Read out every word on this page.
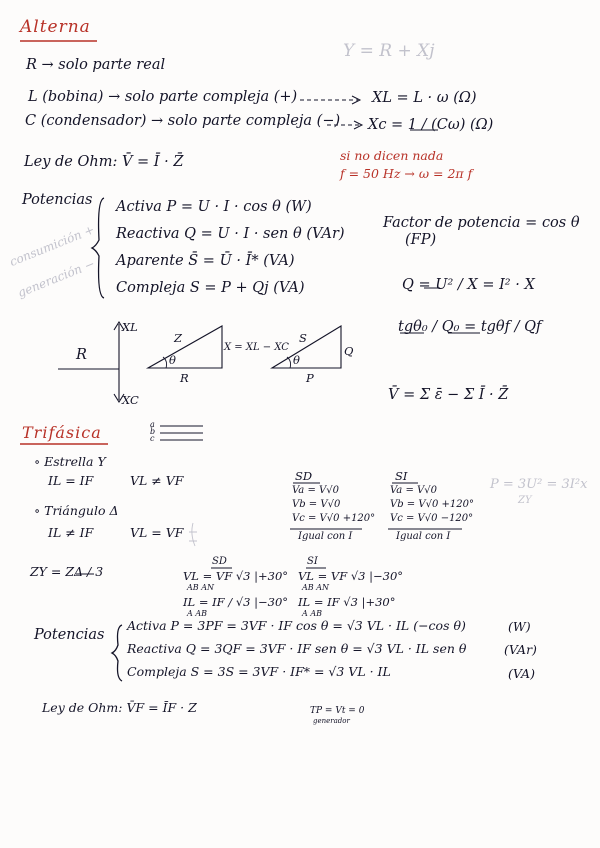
Alterna
Y = R + Xj
R → solo parte real
L (bobina) → solo parte compleja (+)
C (condensador) → solo parte compleja (−)
XL = L · ω (Ω)
Xc = 1 / (Cω) (Ω)
Ley de Ohm: V̄ = Ī · Z̄	si no dicen nada
f = 50 Hz → ω = 2π f
Potencias
consumición +
generación −
Activa P = U · I · cos θ (W)
Reactiva Q = U · I · sen θ (VAr)
Aparente S̄ = Ū · Ī* (VA)
Compleja S = P + Qj (VA)
Factor de potencia = cos θ
(FP)
Q = U² / X = I² · X
tgθ₀ / Q₀ = tgθf / Qf
V̄ = Σ ε̄ − Σ Ī · Z̄
XL
R
XC
Z
θ
R
X = XL − XC
S
θ
P
Q
Trifásica	a
b
c
∘ Estrella Y
IL = IF	VL ≠ VF
∘ Triángulo Δ
IL ≠ IF	VL = VF
P = 3U² = 3I²x
ZY
SD
Va = V√0
Vb = V√0
Vc = V√0 +120°
Igual con I
SI
Va = V√0
Vb = V√0 +120°
Vc = V√0 −120°
Igual con I
ZY = ZΔ / 3
SD
VL = VF √3 |+30°
AB AN
IL = IF / √3 |−30°
A AB
SI
VL = VF √3 |−30°
AB AN
IL = IF √3 |+30°
A AB
Potencias
Activa P = 3PF = 3VF · IF cos θ = √3 VL · IL (−cos θ)
Reactiva Q = 3QF = 3VF · IF sen θ = √3 VL · IL sen θ
Compleja S = 3S = 3VF · IF* = √3 VL · IL
(W)
(VAr)
(VA)
Ley de Ohm: V̄F = ĪF · Z	TP = Vt = 0
generador
